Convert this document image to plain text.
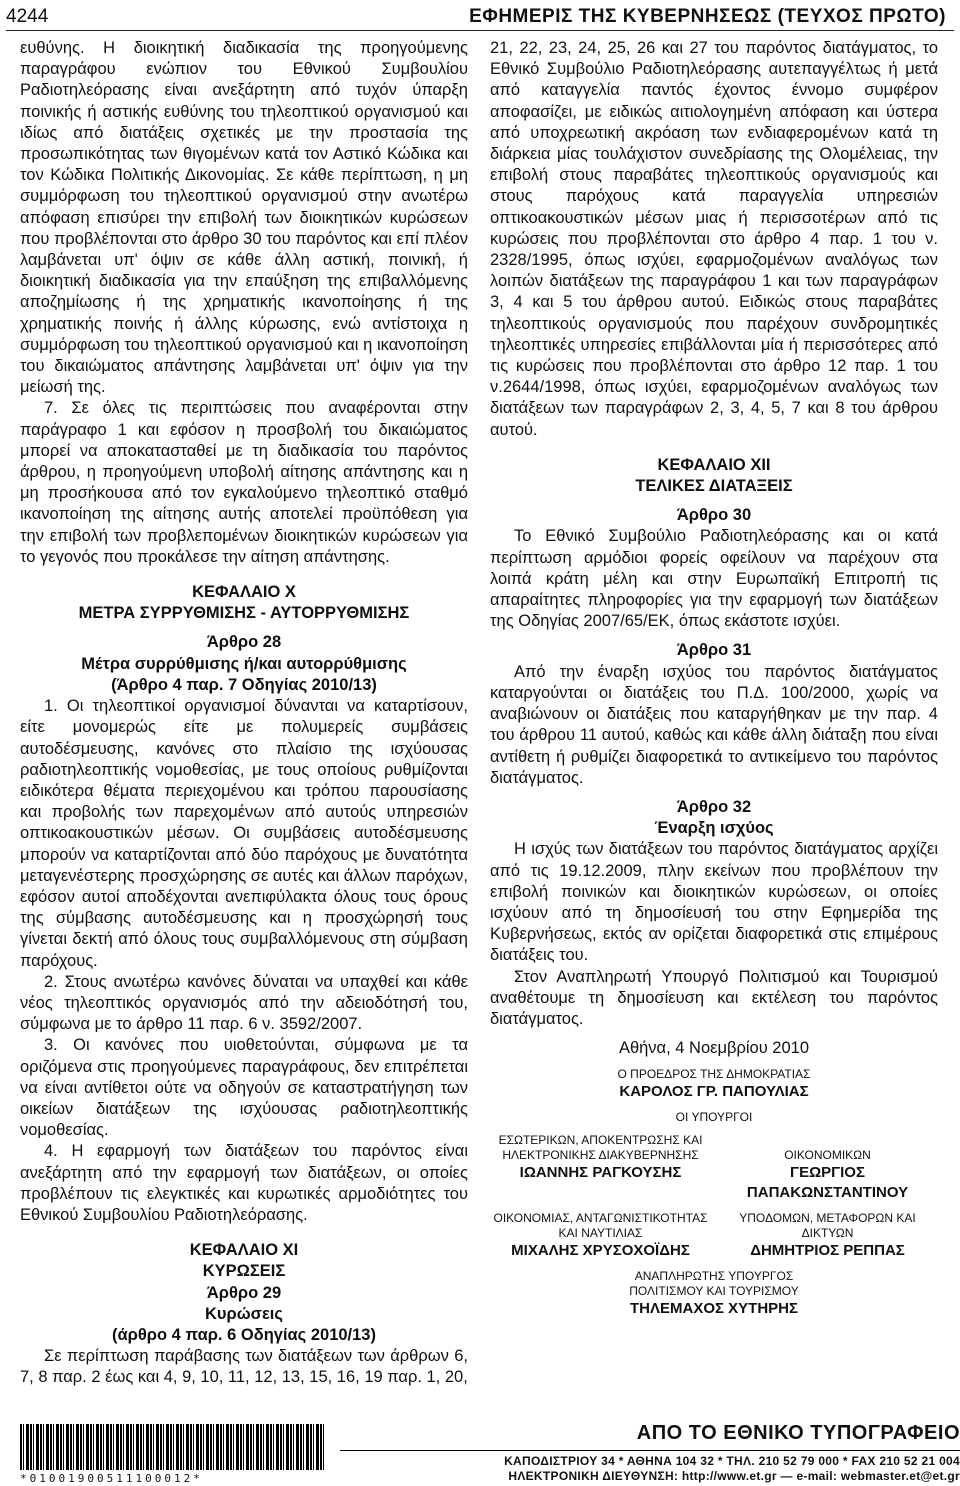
4244	ΕΦΗΜΕΡΙΣ ΤΗΣ ΚΥΒΕΡΝΗΣΕΩΣ (ΤΕΥΧΟΣ ΠΡΩΤΟ)

ευθύνης. Η διοικητική διαδικασία της προηγούμενης παραγράφου ενώπιον του Εθνικού Συμβουλίου Ραδιοτηλεόρασης είναι ανεξάρτητη από τυχόν ύπαρξη ποινικής ή αστικής ευθύνης του τηλεοπτικού οργανισμού και ιδίως από διατάξεις σχετικές με την προστασία της προσωπικότητας των θιγομένων κατά τον Αστικό Κώδικα και τον Κώδικα Πολιτικής Δικονομίας. Σε κάθε περίπτωση, η μη συμμόρφωση του τηλεοπτικού οργανισμού στην ανωτέρω απόφαση επισύρει την επιβολή των διοικητικών κυρώσεων που προβλέπονται στο άρθρο 30 του παρόντος και επί πλέον λαμβάνεται υπ' όψιν σε κάθε άλλη αστική, ποινική, ή διοικητική διαδικασία για την επαύξηση της επιβαλλόμενης αποζημίωσης ή της χρηματικής ικανοποίησης ή της χρηματικής ποινής ή άλλης κύρωσης, ενώ αντίστοιχα η συμμόρφωση του τηλεοπτικού οργανισμού και η ικανοποίηση του δικαιώματος απάντησης λαμβάνεται υπ' όψιν για την μείωσή της.

7. Σε όλες τις περιπτώσεις που αναφέρονται στην παράγραφο 1 και εφόσον η προσβολή του δικαιώματος μπορεί να αποκατασταθεί με τη διαδικασία του παρόντος άρθρου, η προηγούμενη υποβολή αίτησης απάντησης και η μη προσήκουσα από τον εγκαλούμενο τηλεοπτικό σταθμό ικανοποίηση της αίτησης αυτής αποτελεί προϋπόθεση για την επιβολή των προβλεπομένων διοικητικών κυρώσεων για το γεγονός που προκάλεσε την αίτηση απάντησης.

ΚΕΦΑΛΑΙΟ Χ

ΜΕΤΡΑ ΣΥΡΡΥΘΜΙΣΗΣ - ΑΥΤΟΡΡΥΘΜΙΣΗΣ

Άρθρο 28

Μέτρα συρρύθμισης ή/και αυτορρύθμισης

(Άρθρο 4 παρ. 7 Οδηγίας 2010/13)

1. Οι τηλεοπτικοί οργανισμοί δύνανται να καταρτίσουν, είτε μονομερώς είτε με πολυμερείς συμβάσεις αυτοδέσμευσης, κανόνες στο πλαίσιο της ισχύουσας ραδιοτηλεοπτικής νομοθεσίας, με τους οποίους ρυθμίζονται ειδικότερα θέματα περιεχομένου και τρόπου παρουσίασης και προβολής των παρεχομένων από αυτούς υπηρεσιών οπτικοακουστικών μέσων. Οι συμβάσεις αυτοδέσμευσης μπορούν να καταρτίζονται από δύο παρόχους με δυνατότητα μεταγενέστερης προσχώρησης σε αυτές και άλλων παρόχων, εφόσον αυτοί αποδέχονται ανεπιφύλακτα όλους τους όρους της σύμβασης αυτοδέσμευσης και η προσχώρησή τους γίνεται δεκτή από όλους τους συμβαλλόμενους στη σύμβαση παρόχους.

2. Στους ανωτέρω κανόνες δύναται να υπαχθεί και κάθε νέος τηλεοπτικός οργανισμός από την αδειοδότησή του, σύμφωνα με το άρθρο 11 παρ. 6 ν. 3592/2007.

3. Οι κανόνες που υιοθετούνται, σύμφωνα με τα οριζόμενα στις προηγούμενες παραγράφους, δεν επιτρέπεται να είναι αντίθετοι ούτε να οδηγούν σε καταστρατήγηση των οικείων διατάξεων της ισχύουσας ραδιοτηλεοπτικής νομοθεσίας.

4. Η εφαρμογή των διατάξεων του παρόντος είναι ανεξάρτητη από την εφαρμογή των διατάξεων, οι οποίες προβλέπουν τις ελεγκτικές και κυρωτικές αρμοδιότητες του Εθνικού Συμβουλίου Ραδιοτηλεόρασης.

ΚΕΦΑΛΑΙΟ ΧΙ

ΚΥΡΩΣΕΙΣ

Άρθρο 29

Κυρώσεις

(άρθρο 4 παρ. 6 Οδηγίας 2010/13)

Σε περίπτωση παράβασης των διατάξεων των άρθρων 6, 7, 8 παρ. 2 έως και 4, 9, 10, 11, 12, 13, 15, 16, 19 παρ. 1, 20,

21, 22, 23, 24, 25, 26 και 27 του παρόντος διατάγματος, το Εθνικό Συμβούλιο Ραδιοτηλεόρασης αυτεπαγγέλτως ή μετά από καταγγελία παντός έχοντος έννομο συμφέρον αποφασίζει, με ειδικώς αιτιολογημένη απόφαση και ύστερα από υποχρεωτική ακρόαση των ενδιαφερομένων κατά τη διάρκεια μίας τουλάχιστον συνεδρίασης της Ολομέλειας, την επιβολή στους παραβάτες τηλεοπτικούς οργανισμούς και στους παρόχους κατά παραγγελία υπηρεσιών οπτικοακουστικών μέσων μιας ή περισσοτέρων από τις κυρώσεις που προβλέπονται στο άρθρο 4 παρ. 1 του ν. 2328/1995, όπως ισχύει, εφαρμοζομένων αναλόγως των λοιπών διατάξεων της παραγράφου 1 και των παραγράφων 3, 4 και 5 του άρθρου αυτού. Ειδικώς στους παραβάτες τηλεοπτικούς οργανισμούς που παρέχουν συνδρομητικές τηλεοπτικές υπηρεσίες επιβάλλονται μία ή περισσότερες από τις κυρώσεις που προβλέπονται στο άρθρο 12 παρ. 1 του ν.2644/1998, όπως ισχύει, εφαρμοζομένων αναλόγως των διατάξεων των παραγράφων 2, 3, 4, 5, 7 και 8 του άρθρου αυτού.

ΚΕΦΑΛΑΙΟ ΧΙΙ

ΤΕΛΙΚΕΣ ΔΙΑΤΑΞΕΙΣ

Άρθρο 30

Το Εθνικό Συμβούλιο Ραδιοτηλεόρασης και οι κατά περίπτωση αρμόδιοι φορείς οφείλουν να παρέχουν στα λοιπά κράτη μέλη και στην Ευρωπαϊκή Επιτροπή τις απαραίτητες πληροφορίες για την εφαρμογή των διατάξεων της Οδηγίας 2007/65/ΕΚ, όπως εκάστοτε ισχύει.

Άρθρο 31

Από την έναρξη ισχύος του παρόντος διατάγματος καταργούνται οι διατάξεις του Π.Δ. 100/2000, χωρίς να αναβιώνουν οι διατάξεις που καταργήθηκαν με την παρ. 4 του άρθρου 11 αυτού, καθώς και κάθε άλλη διάταξη που είναι αντίθετη ή ρυθμίζει διαφορετικά το αντικείμενο του παρόντος διατάγματος.

Άρθρο 32

Έναρξη ισχύος

Η ισχύς των διατάξεων του παρόντος διατάγματος αρχίζει από τις 19.12.2009, πλην εκείνων που προβλέπουν την επιβολή ποινικών και διοικητικών κυρώσεων, οι οποίες ισχύουν από τη δημοσίευσή του στην Εφημερίδα της Κυβερνήσεως, εκτός αν ορίζεται διαφορετικά στις επιμέρους διατάξεις του.

Στον Αναπληρωτή Υπουργό Πολιτισμού και Τουρισμού αναθέτουμε τη δημοσίευση και εκτέλεση του παρόντος διατάγματος.

Αθήνα, 4 Νοεμβρίου 2010

Ο ΠΡΟΕΔΡΟΣ ΤΗΣ ΔΗΜΟΚΡΑΤΙΑΣ

ΚΑΡΟΛΟΣ ΓΡ. ΠΑΠΟΥΛΙΑΣ

ΟΙ ΥΠΟΥΡΓΟΙ

ΕΣΩΤΕΡΙΚΩΝ, ΑΠΟΚΕΝΤΡΩΣΗΣ ΚΑΙ ΗΛΕΚΤΡΟΝΙΚΗΣ ΔΙΑΚΥΒΕΡΝΗΣΗΣ

ΙΩΑΝΝΗΣ ΡΑΓΚΟΥΣΗΣ

ΟΙΚΟΝΟΜΙΚΩΝ

ΓΕΩΡΓΙΟΣ ΠΑΠΑΚΩΝΣΤΑΝΤΙΝΟΥ

ΟΙΚΟΝΟΜΙΑΣ, ΑΝΤΑΓΩΝΙΣΤΙΚΟΤΗΤΑΣ ΚΑΙ ΝΑΥΤΙΛΙΑΣ

ΜΙΧΑΛΗΣ ΧΡΥΣΟΧΟΪΔΗΣ

ΥΠΟΔΟΜΩΝ, ΜΕΤΑΦΟΡΩΝ ΚΑΙ ΔΙΚΤΥΩΝ

ΔΗΜΗΤΡΙΟΣ ΡΕΠΠΑΣ

ΑΝΑΠΛΗΡΩΤΗΣ ΥΠΟΥΡΓΟΣ ΠΟΛΙΤΙΣΜΟΥ ΚΑΙ ΤΟΥΡΙΣΜΟΥ

ΤΗΛΕΜΑΧΟΣ ΧΥΤΗΡΗΣ

*01001900511100012*
ΑΠΟ ΤΟ ΕΘΝΙΚΟ ΤΥΠΟΓΡΑΦΕΙΟ
ΚΑΠΟΔΙΣΤΡΙΟΥ 34 * ΑΘΗΝΑ 104 32 * ΤΗΛ. 210 52 79 000 * FAX 210 52 21 004
ΗΛΕΚΤΡΟΝΙΚΗ ΔΙΕΥΘΥΝΣΗ: http://www.et.gr — e-mail: webmaster.et@et.gr
